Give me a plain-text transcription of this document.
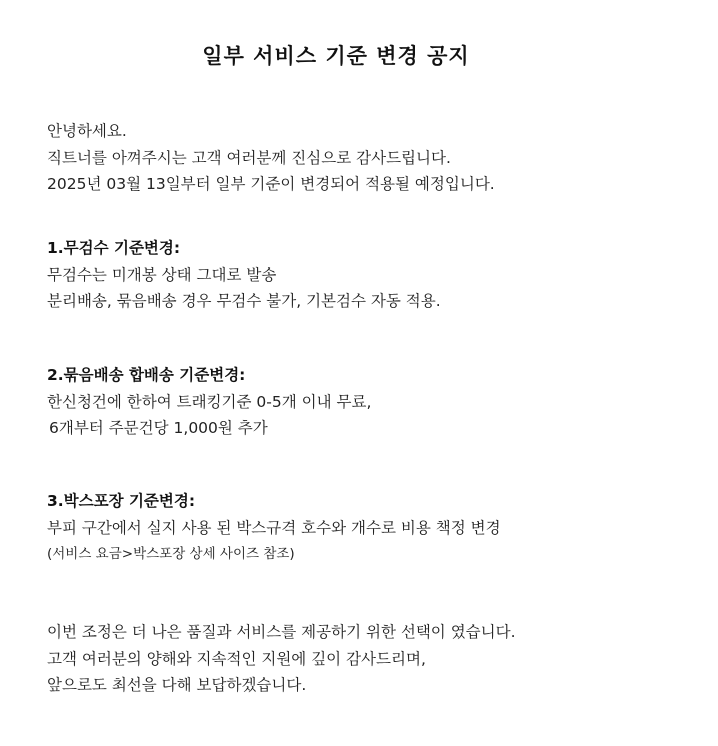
일부 서비스 기준 변경 공지
안녕하세요.
직트너를 아껴주시는 고객 여러분께 진심으로 감사드립니다.
2025년 03월 13일부터 일부 기준이 변경되어 적용될 예정입니다.
1.무검수 기준변경:
무검수는 미개봉 상태 그대로 발송
분리배송, 묶음배송 경우 무검수 불가, 기본검수 자동 적용.
2.묶음배송 합배송 기준변경:
한신청건에 한하여 트래킹기준 0-5개 이내 무료,
6개부터 주문건당 1,000원 추가
3.박스포장 기준변경:
부피 구간에서 실지 사용 된 박스규격 호수와 개수로 비용 책정 변경
(서비스 요금>박스포장 상세 사이즈 참조)
이번 조정은 더 나은 품질과 서비스를 제공하기 위한 선택이 였습니다.
고객 여러분의 양해와 지속적인 지원에 깊이 감사드리며,
앞으로도 최선을 다해 보답하겠습니다.
